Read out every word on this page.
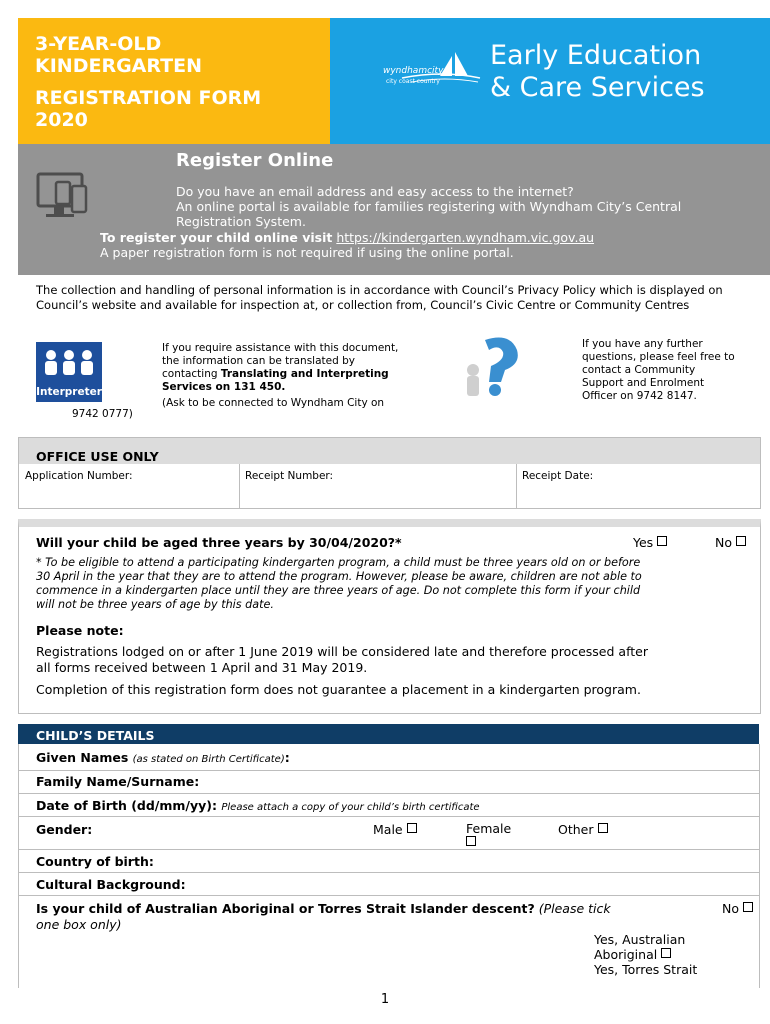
3-YEAR-OLD
KINDERGARTEN
REGISTRATION FORM
2020
wyndhamcity
city coast country
Early Education
& Care Services
Register Online
Do you have an email address and easy access to the internet?
An online portal is available for families registering with Wyndham City’s Central
Registration System.
To register your child online visit https://kindergarten.wyndham.vic.gov.au
A paper registration form is not required if using the online portal.
The collection and handling of personal information is in accordance with Council’s Privacy Policy which is displayed on Council’s website and available for inspection at, or collection from, Council’s Civic Centre or Community Centres
Interpreter
If you require assistance with this document,
the information can be translated by
contacting Translating and Interpreting
Services on 131 450.
(Ask to be connected to Wyndham City on
9742 0777)
If you have any further
questions, please feel free to
contact a Community
Support and Enrolment
Officer on 9742 8147.
OFFICE USE ONLY
Application Number:	Receipt Number:	Receipt Date:
Will your child be aged three years by 30/04/2020?*	Yes	No
* To be eligible to attend a participating kindergarten program, a child must be three years old on or before
30 April in the year that they are to attend the program. However, please be aware, children are not able to
commence in a kindergarten place until they are three years of age. Do not complete this form if your child
will not be three years of age by this date.
Please note:
Registrations lodged on or after 1 June 2019 will be considered late and therefore processed after
all forms received between 1 April and 31 May 2019.
Completion of this registration form does not guarantee a placement in a kindergarten program.
CHILD’S DETAILS
Given Names (as stated on Birth Certificate):
Family Name/Surname:
Date of Birth (dd/mm/yy): Please attach a copy of your child’s birth certificate
Gender:	Male	Female	Other
Country of birth:
Cultural Background:
Is your child of Australian Aboriginal or Torres Strait Islander descent? (Please tick
one box only)
No
Yes, Australian
Aboriginal
Yes, Torres Strait
1
